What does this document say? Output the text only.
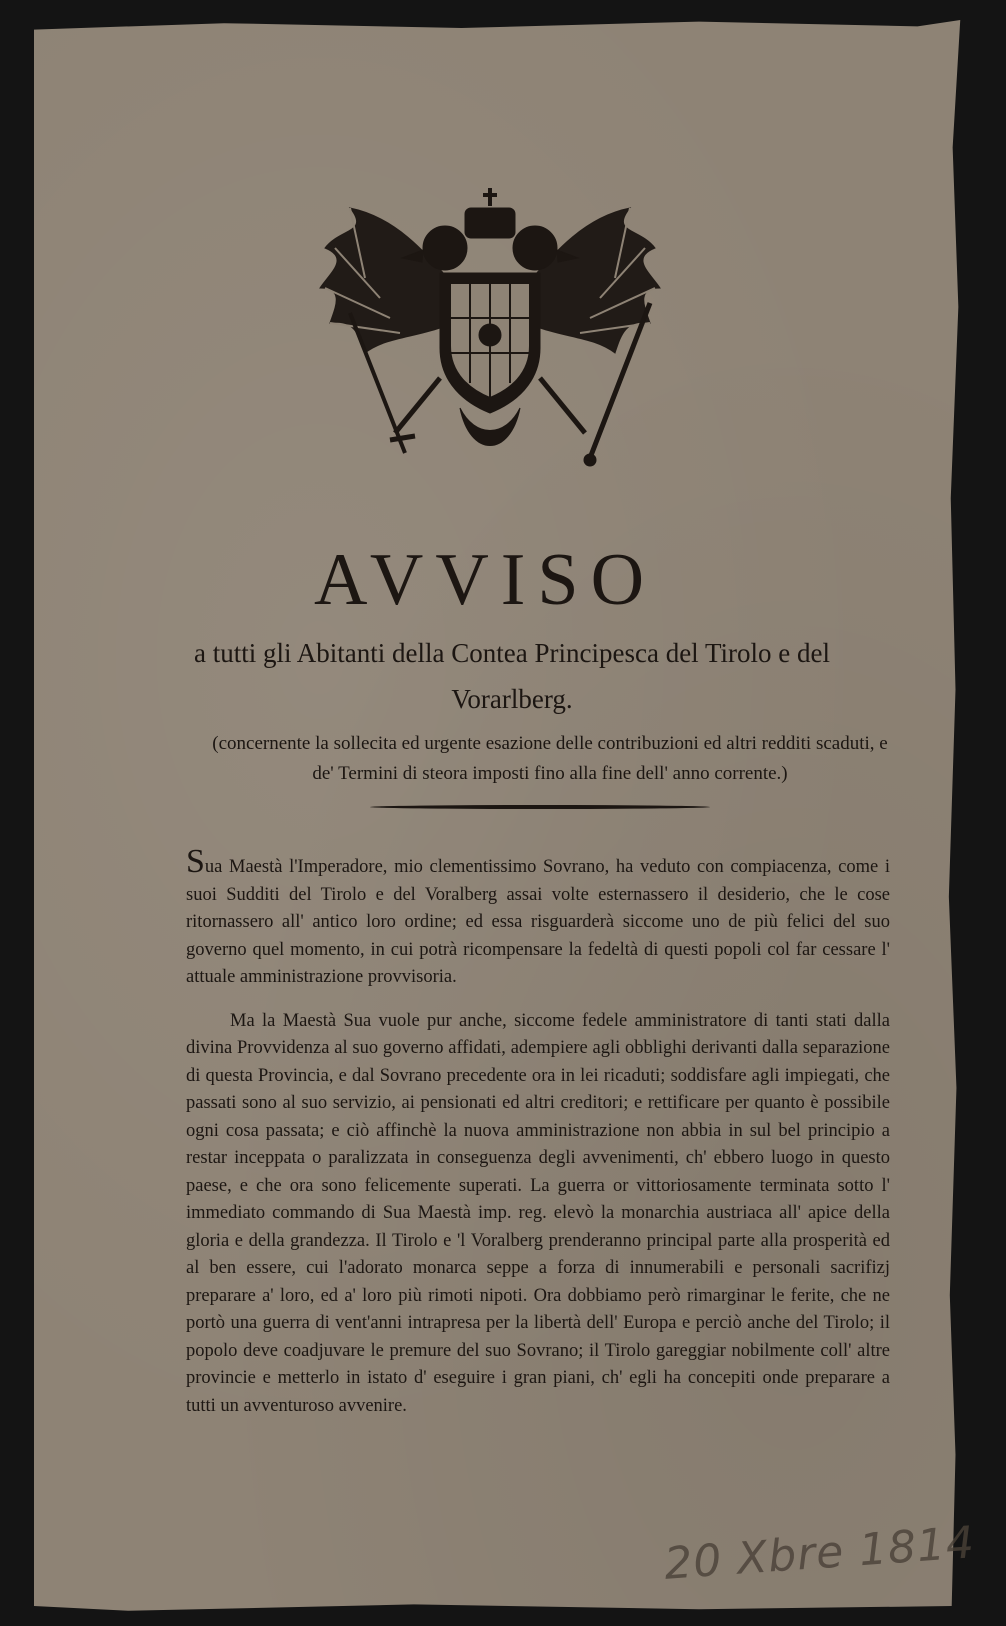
AVVISO
a tutti gli Abitanti della Contea Principesca del Tirolo e del
Vorarlberg.
(concernente la sollecita ed urgente esazione delle contribuzioni ed altri redditi scaduti, e de' Termini di steora imposti fino alla fine dell' anno corrente.)

Sua Maestà l'Imperadore, mio clementissimo Sovrano, ha veduto con compiacenza, come i suoi Sudditi del Tirolo e del Voralberg assai volte esternassero il desiderio, che le cose ritornassero all' antico loro ordine; ed essa risguarderà siccome uno de più felici del suo governo quel momento, in cui potrà ricompensare la fedeltà di questi popoli col far cessare l' attuale amministrazione provvisoria.

Ma la Maestà Sua vuole pur anche, siccome fedele amministratore di tanti stati dalla divina Provvidenza al suo governo affidati, adempiere agli obblighi derivanti dalla separazione di questa Provincia, e dal Sovrano precedente ora in lei ricaduti; soddisfare agli impiegati, che passati sono al suo servizio, ai pensionati ed altri creditori; e rettificare per quanto è possibile ogni cosa passata; e ciò affinchè la nuova amministrazione non abbia in sul bel principio a restar inceppata o paralizzata in conseguenza degli avvenimenti, ch' ebbero luogo in questo paese, e che ora sono felicemente superati. La guerra or vittoriosamente terminata sotto l' immediato commando di Sua Maestà imp. reg. elevò la monarchia austriaca all' apice della gloria e della grandezza. Il Tirolo e 'l Voralberg prenderanno principal parte alla prosperità ed al ben essere, cui l'adorato monarca seppe a forza di innumerabili e personali sacrifizj preparare a' loro, ed a' loro più rimoti nipoti. Ora dobbiamo però rimarginar le ferite, che ne portò una guerra di vent'anni intrapresa per la libertà dell' Europa e perciò anche del Tirolo; il popolo deve coadjuvare le premure del suo Sovrano; il Tirolo gareggiar nobilmente coll' altre provincie e metterlo in istato d' eseguire i gran piani, ch' egli ha concepiti onde preparare a tutti un avventuroso avvenire.

20 Xbre 1814
